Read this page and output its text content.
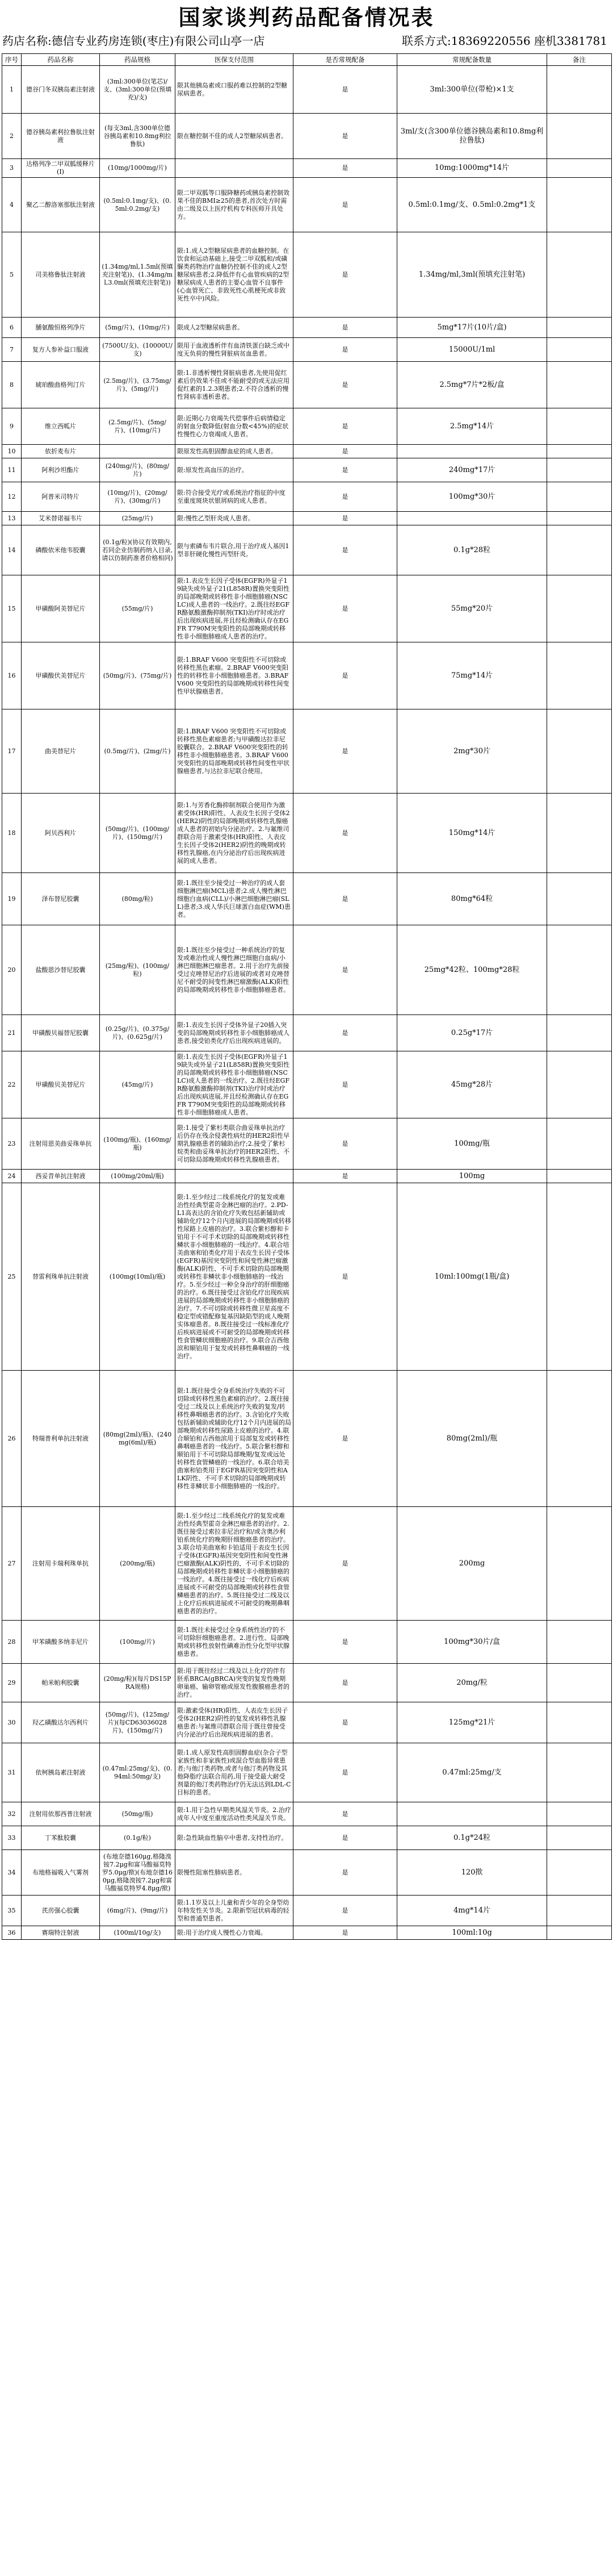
国家谈判药品配备情况表
药店名称:德信专业药房连锁(枣庄)有限公司山亭一店	联系方式:18369220556 座机3381781
序号	药品名称	药品规格	医保支付范围	是否常规配备	常规配备数量	备注
1	德谷门冬双胰岛素注射液	(3ml:300单位(笔芯)/支、(3ml:300单位(预填充)/支)	限其他胰岛素或口服药难以控制的2型糖尿病患者。	是	3ml:300单位(带枪)×1支	
2	德谷胰岛素利拉鲁肽注射液	(每支3ml,含300单位德谷胰岛素和10.8mg利拉鲁肽)	限在糖控制不佳的成人2型糖尿病患者。	是	3ml/支(含300单位德谷胰岛素和10.8mg利拉鲁肽)	
3	达格列净二甲双胍缓释片(I)	(10mg/1000mg/片)		是	10mg:1000mg*14片	
4	聚乙二醇洛塞那肽注射液	(0.5ml:0.1mg/支)、(0.5ml:0.2mg/支)	限二甲双胍等口服降糖药或胰岛素控制效果不佳的BMI≥25的患者,首次处方时需由二级及以上医疗机构专科医师开具处方。	是	0.5ml:0.1mg/支、0.5ml:0.2mg*1支	
5	司美格鲁肽注射液	(1.34mg/ml,1.5ml(预填充注射笔))、(1.34mg/ml,3.0ml(预填充注射笔))	限:1.成人2型糖尿病患者的血糖控制。在饮食和运动基础上,接受二甲双胍和/或磺脲类药物治疗血糖仍控制不佳的成人2型糖尿病患者;2.降低伴有心血管疾病的2型糖尿病成人患者的主要心血管不良事件(心血管死亡、非致死性心肌梗死或非致死性卒中)风险。	是	1.34mg/ml,3ml(预填充注射笔)	
6	脯氨酸恒格列净片	(5mg/片)、(10mg/片)	限成人2型糖尿病患者。	是	5mg*17片(10片/盒)	
7	复方人参补益口服液	(7500U/支)、(10000U/支)	限用于血液透析伴有血清铁蛋白缺乏或中度无负荷的慢性肾脏病贫血患者。	是	15000U/1ml	
8	琥珀酸曲格列汀片	(2.5mg/片)、(3.75mg/片)、(5mg/片)	限:1.非透析慢性肾脏病患者,先使用促红素后仍效果不佳或不能耐受的或无法应用促红素的1.2.3期患者;2.不符合透析的慢性肾病非透析患者。	是	2.5mg*7片*2板/盒	
9	维立西呱片	(2.5mg/片)、(5mg/片)、(10mg/片)	限:近期心力衰竭失代偿事件后病情稳定的射血分数降低(射血分数<45%)的症状性慢性心力衰竭成人患者。	是	2.5mg*14片	
10	依折麦布片		限原发性高胆固醇血症的成人患者。	是		
11	阿利沙坦酯片	(240mg/片)、(80mg/片)	限:原发性高血压的治疗。	是	240mg*17片	
12	阿普米司特片	(10mg/片)、(20mg/片)、(30mg/片)	限:符合接受光疗或系统治疗指征的中度至重度斑块状银屑病的成人患者。	是	100mg*30片	
13	艾米替诺福韦片	(25mg/片)	限:慢性乙型肝炎成人患者。	是		
14	磷酸依米他韦胶囊	(0.1g/粒)(协议有效期内,若同企业仿制药纳入目录,请以仿制药准者价格相同)	限与索磷布韦片联合,用于治疗成人基因1型非肝硬化慢性丙型肝炎。	是	0.1g*28粒	
15	甲磺酸阿美替尼片	(55mg/片)	限:1.表皮生长因子受体(EGFR)外显子19缺失或外显子21(L858R)置换突变阳性的局部晚期或转移性非小细胞肺癌(NSCLC)成人患者的一线治疗。2.既往经EGFR酪氨酸激酶抑制剂(TKI)治疗时或治疗后出现疾病进展,并且经检测确认存在EGFR T790M突变阳性的局部晚期或转移性非小细胞肺癌成人患者的治疗。	是	55mg*20片	
16	甲磺酸伏美替尼片	(50mg/片)、(75mg/片)	限:1.BRAF V600 突变阳性不可切除或转移性黑色素瘤。2.BRAF V600突变阳性的转移性非小细胞肺癌患者。3.BRAF V600 突变阳性的局部晚期或转移性间变性甲状腺癌患者。	是	75mg*14片	
17	曲美替尼片	(0.5mg/片)、(2mg/片)	限:1.BRAF V600 突变阳性不可切除或转移性黑色素瘤患者;与甲磺酸达拉非尼胶囊联合。2.BRAF V600突变阳性的转移性非小细胞肺癌患者。3.BRAF V600 突变阳性的局部晚期或转移性间变性甲状腺癌患者,与达拉非尼联合使用。	是	2mg*30片	
18	阿贝西利片	(50mg/片)、(100mg/片)、(150mg/片)	限:1.与芳香化酶抑制剂联合使用作为激素受体(HR)阳性、人表皮生长因子受体2(HER2)阴性的局部晚期或转移性乳腺癌成人患者的初始内分泌治疗。2.与氟维司群联合用于激素受体(HR)阳性、人表皮生长因子受体2(HER2)阴性的晚期或转移性乳腺癌,在内分泌治疗后出现疾病进展的成人患者。	是	150mg*14片	
19	泽布替尼胶囊	(80mg/粒)	限:1.既往至少接受过一种治疗的成人套细胞淋巴瘤(MCL)患者;2.成人慢性淋巴细胞白血病(CLL)/小淋巴细胞淋巴瘤(SLL)患者;3.成人华氏巨球蛋白血症(WM)患者。	是	80mg*64粒	
20	盐酸恩沙替尼胶囊	(25mg/粒)、(100mg/粒)	限:1.既往至少接受过一种系统治疗的复发或难治性成人慢性淋巴细胞白血病/小淋巴细胞淋巴瘤患者。2.用于治疗先前接受过克唑替尼治疗后进展的或者对克唑替尼不耐受的间变性淋巴瘤激酶(ALK)阳性的局部晚期或转移性非小细胞肺癌患者。	是	25mg*42粒、100mg*28粒	
21	甲磺酸贝福替尼胶囊	(0.25g/片)、(0.375g/片)、(0.625g/片)	限:1.表皮生长因子受体外显子20插入突变的局部晚期或转移性非小细胞肺癌成人患者,接受铂类化疗后出现疾病进展的。	是	0.25g*17片	
22	甲磺酸贝美替尼片	(45mg/片)	限:1.表皮生长因子受体(EGFR)外显子19缺失或外显子21(L858R)置换突变阳性的局部晚期或转移性非小细胞肺癌(NSCLC)成人患者的一线治疗。2.既往经EGFR酪氨酸激酶抑制剂(TKI)治疗时或治疗后出现疾病进展,并且经检测确认存在EGFR T790M突变阳性的局部晚期或转移性非小细胞肺癌成人患者。	是	45mg*28片	
23	注射用恩美曲妥珠单抗	(100mg/瓶)、(160mg/瓶)	限:1.接受了紫杉类联合曲妥珠单抗治疗后仍存在残余侵袭性病灶的HER2阳性早期乳腺癌患者的辅助治疗;2.接受了紫杉烷类和曲妥珠单抗治疗的HER2阳性、不可切除局部晚期或转移性乳腺癌患者。	是	100mg/瓶	
24	西妥昔单抗注射液	(100mg/20ml/瓶)		是	100mg	
25	替雷利珠单抗注射液	(100mg(10ml)/瓶)	限:1.至少经过二线系统化疗的复发或难治性经典型霍奇金淋巴瘤的治疗。2.PD-L1高表达的含铂化疗失败包括新辅助或辅助化疗12个月内进展的局部晚期或转移性尿路上皮癌的治疗。3.联合紫杉醇和卡铂用于不可手术切除的局部晚期或转移性鳞状非小细胞肺癌的一线治疗。4.联合培美曲塞和铂类化疗用于表皮生长因子受体(EGFR)基因突变阴性和间变性淋巴瘤激酶(ALK)阴性、不可手术切除的局部晚期或转移性非鳞状非小细胞肺癌的一线治疗。5.至少经过一种全身治疗的肝细胞癌的治疗。6.既往接受过含铂化疗出现疾病进展的局部晚期或转移性非小细胞肺癌的治疗。7.不可切除或转移性微卫星高度不稳定型或错配修复基因缺陷型的成人晚期实体瘤患者。8.既往接受过一线标准化疗后疾病进展或不可耐受的局部晚期或转移性食管鳞状细胞癌的治疗。9.联合吉西他滨和顺铂用于复发或转移性鼻咽癌的一线治疗。	是	10ml:100mg(1瓶/盒)	
26	特瑞普利单抗注射液	(80mg(2ml)/瓶)、(240mg(6ml)/瓶)	限:1.既往接受全身系统治疗失败的不可切除或转移性黑色素瘤的治疗。2.既往接受过二线及以上系统治疗失败的复发/转移性鼻咽癌患者的治疗。3.含铂化疗失败包括新辅助或辅助化疗12个月内进展的局部晚期或转移性尿路上皮癌的治疗。4.联合顺铂和吉西他滨用于局部复发或转移性鼻咽癌患者的一线治疗。5.联合紫杉醇和顺铂用于不可切除局部晚期/复发或远处转移性食管鳞癌的一线治疗。6.联合培美曲塞和铂类用于EGFR基因突变阴性和ALK阴性、不可手术切除的局部晚期或转移性非鳞状非小细胞肺癌的一线治疗。	是	80mg(2ml)/瓶	
27	注射用卡瑞利珠单抗	(200mg/瓶)	限:1.至少经过二线系统化疗的复发或难治性经典型霍奇金淋巴瘤患者的治疗。2.既往接受过索拉非尼治疗和/或含奥沙利铂系统化疗的晚期肝细胞癌患者的治疗。3.联合培美曲塞和卡铂适用于表皮生长因子受体(EGFR)基因突变阴性和间变性淋巴瘤激酶(ALK)阴性的、不可手术切除的局部晚期或转移性非鳞状非小细胞肺癌的一线治疗。4.既往接受过一线化疗后疾病进展或不可耐受的局部晚期或转移性食管鳞癌患者的治疗。5.既往接受过二线及以上化疗后疾病进展或不可耐受的晚期鼻咽癌患者的治疗。	是	200mg	
28	甲苯磺酸多纳非尼片	(100mg/片)	限:1.既往未接受过全身系统性治疗的不可切除肝细胞癌患者。2.进行性、局部晚期或转移性放射性碘难治性分化型甲状腺癌患者。	是	100mg*30片/盒	
29	帕米帕利胶囊	(20mg/粒)(每片DS15PRA规格)	限:用于既往经过二线及以上化疗的伴有胚系BRCA(gBRCA)突变的复发性晚期卵巢癌、输卵管癌或原发性腹膜癌患者的治疗。	是	20mg/粒	
30	羟乙磺酸达尔西利片	(50mg/片)、(125mg/片)(每CD63036028片)、(150mg/片)	限:激素受体(HR)阳性、人表皮生长因子受体2(HER2)阴性的复发或转移性乳腺癌患者:与氟维司群联合用于既往曾接受内分泌治疗后出现疾病进展的患者。	是	125mg*21片	
31	依柯胰岛素注射液	(0.47ml:25mg/支)、(0.94ml:50mg/支)	限:1.成人原发性高胆固醇血症(杂合子型家族性和非家族性)或混合型血脂异常患者;与他汀类药物,或者与他汀类药物及其他降脂疗法联合用药,用于接受最大耐受剂量的他汀类药物治疗仍无法达到LDL-C目标的患者。	是	0.47ml:25mg/支	
32	注射用依那西普注射液	(50mg/瓶)	限:1.用于急性早期类风湿关节炎。2.治疗成年人中度至重度活动性类风湿关节炎。	是		
33	丁苯酞胶囊	(0.1g/粒)	限:急性缺血性脑卒中患者,支持性治疗。	是	0.1g*24粒	
34	布地格福吸入气雾剂	(布地奈德160μg,格隆溴铵7.2μg和富马酸福莫特罗5.0μg/揿)(布地奈德160μg,格隆溴铵7.2μg和富马酸福莫特罗4.8μg/揿)	限慢性阻塞性肺病患者。	是	120揿	
35	芪苈强心胶囊	(6mg/片)、(9mg/片)	限:1.1岁及以上儿童和青少年的全身型幼年特发性关节炎。2.限新型冠状病毒的轻型和普通型患者。	是	4mg*14片	
36	赛瑞特注射液	(100ml/10g/支)	限:用于治疗成人慢性心力衰竭。	是	100ml:10g	
